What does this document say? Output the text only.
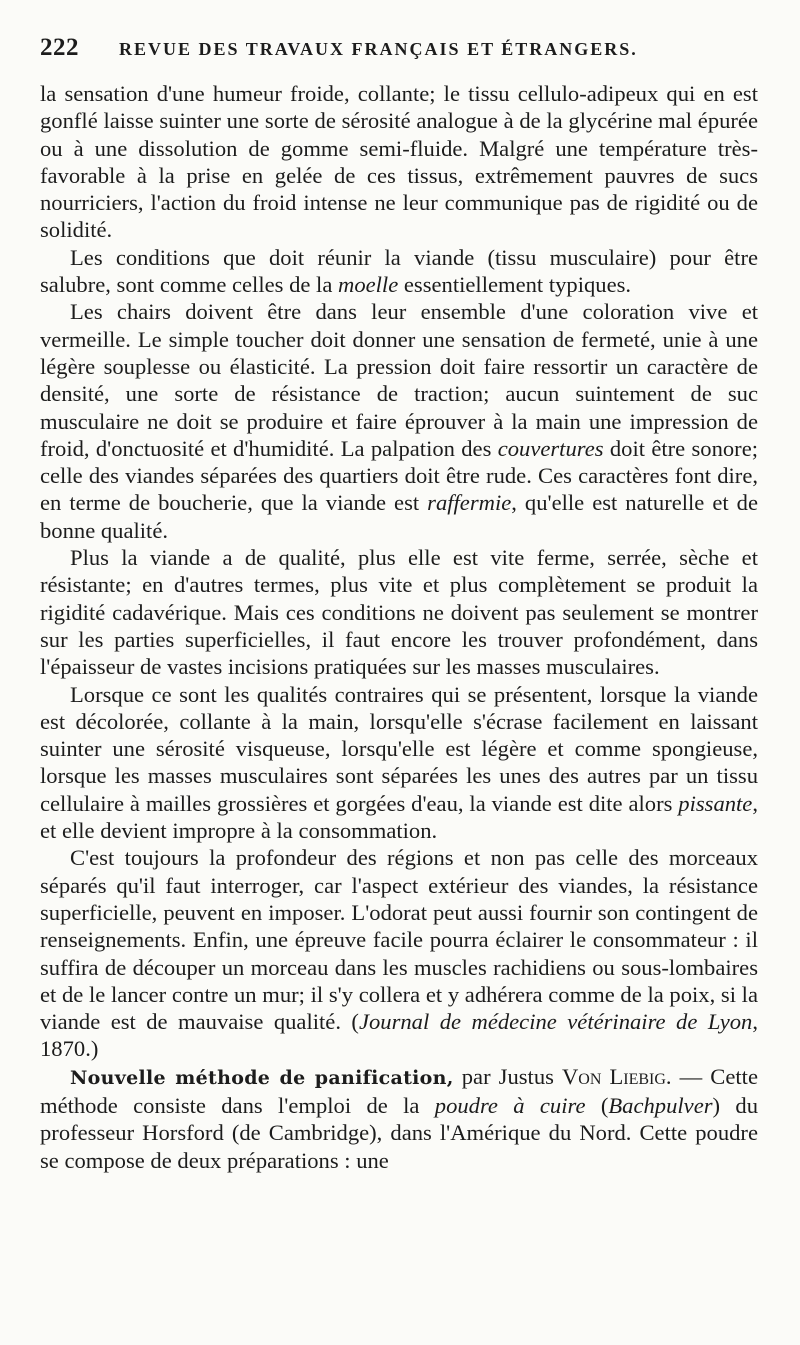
222 REVUE DES TRAVAUX FRANÇAIS ET ÉTRANGERS.

la sensation d'une humeur froide, collante; le tissu cellulo-adipeux qui en est gonflé laisse suinter une sorte de sérosité analogue à de la glycérine mal épurée ou à une dissolution de gomme semi-fluide. Malgré une température très-favorable à la prise en gelée de ces tissus, extrêmement pauvres de sucs nourriciers, l'action du froid intense ne leur communique pas de rigidité ou de solidité.

Les conditions que doit réunir la viande (tissu musculaire) pour être salubre, sont comme celles de la moelle essentiellement typiques.

Les chairs doivent être dans leur ensemble d'une coloration vive et vermeille. Le simple toucher doit donner une sensation de fermeté, unie à une légère souplesse ou élasticité. La pression doit faire ressortir un caractère de densité, une sorte de résistance de traction; aucun suintement de suc musculaire ne doit se produire et faire éprouver à la main une impression de froid, d'onctuosité et d'humidité. La palpation des couvertures doit être sonore; celle des viandes séparées des quartiers doit être rude. Ces caractères font dire, en terme de boucherie, que la viande est raffermie, qu'elle est naturelle et de bonne qualité.

Plus la viande a de qualité, plus elle est vite ferme, serrée, sèche et résistante; en d'autres termes, plus vite et plus complètement se produit la rigidité cadavérique. Mais ces conditions ne doivent pas seulement se montrer sur les parties superficielles, il faut encore les trouver profondément, dans l'épaisseur de vastes incisions pratiquées sur les masses musculaires.

Lorsque ce sont les qualités contraires qui se présentent, lorsque la viande est décolorée, collante à la main, lorsqu'elle s'écrase facilement en laissant suinter une sérosité visqueuse, lorsqu'elle est légère et comme spongieuse, lorsque les masses musculaires sont séparées les unes des autres par un tissu cellulaire à mailles grossières et gorgées d'eau, la viande est dite alors pissante, et elle devient impropre à la consommation.

C'est toujours la profondeur des régions et non pas celle des morceaux séparés qu'il faut interroger, car l'aspect extérieur des viandes, la résistance superficielle, peuvent en imposer. L'odorat peut aussi fournir son contingent de renseignements. Enfin, une épreuve facile pourra éclairer le consommateur : il suffira de découper un morceau dans les muscles rachidiens ou sous-lombaires et de le lancer contre un mur; il s'y collera et y adhérera comme de la poix, si la viande est de mauvaise qualité. (Journal de médecine vétérinaire de Lyon, 1870.)

Nouvelle méthode de panification, par Justus Von Liebig. — Cette méthode consiste dans l'emploi de la poudre à cuire (Bachpulver) du professeur Horsford (de Cambridge), dans l'Amérique du Nord. Cette poudre se compose de deux préparations : une
